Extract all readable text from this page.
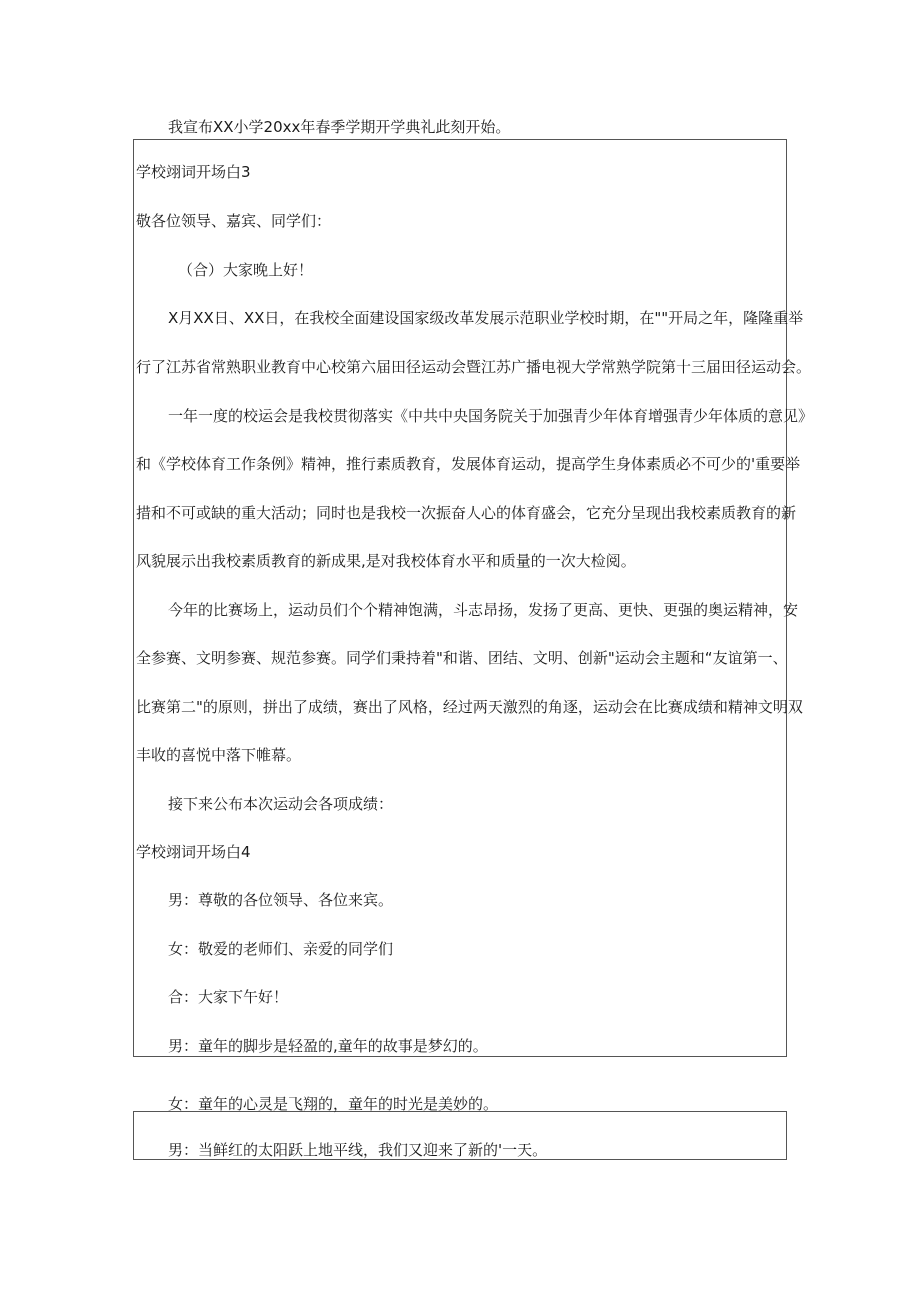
我宣布XX小学20xx年春季学期开学典礼此刻开始。
学校翊词开场白3
敬各位领导、嘉宾、同学们：
（合）大家晚上好！
X月XX日、XX日，在我校全面建设国家级改革发展示范职业学校时期，在""开局之年，隆隆重举
行了江苏省常熟职业教育中心校第六届田径运动会暨江苏广播电视大学常熟学院第十三届田径运动会。
一年一度的校运会是我校贯彻落实《中共中央国务院关于加强青少年体育增强青少年体质的意见》
和《学校体育工作条例》精神，推行素质教育，发展体育运动，提高学生身体素质必不可少的'重要举
措和不可或缺的重大活动；同时也是我校一次振奋人心的体育盛会，它充分呈现出我校素质教育的新
风貌展示出我校素质教育的新成果,是对我校体育水平和质量的一次大检阅。
今年的比赛场上，运动员们个个精神饱满，斗志昂扬，发扬了更高、更快、更强的奥运精神，安
全参赛、文明参赛、规范参赛。同学们秉持着"和谐、团结、文明、创新"运动会主题和“友谊第一、
比赛第二"的原则，拼出了成绩，赛出了风格，经过两天激烈的角逐，运动会在比赛成绩和精神文明双
丰收的喜悦中落下帷幕。
接下来公布本次运动会各项成绩：
学校翊词开场白4
男：尊敬的各位领导、各位来宾。
女：敬爱的老师们、亲爱的同学们
合：大家下午好！
男：童年的脚步是轻盈的,童年的故事是梦幻的。
女：童年的心灵是飞翔的，童年的时光是美妙的。
男：当鲜红的太阳跃上地平线，我们又迎来了新的'一天。
